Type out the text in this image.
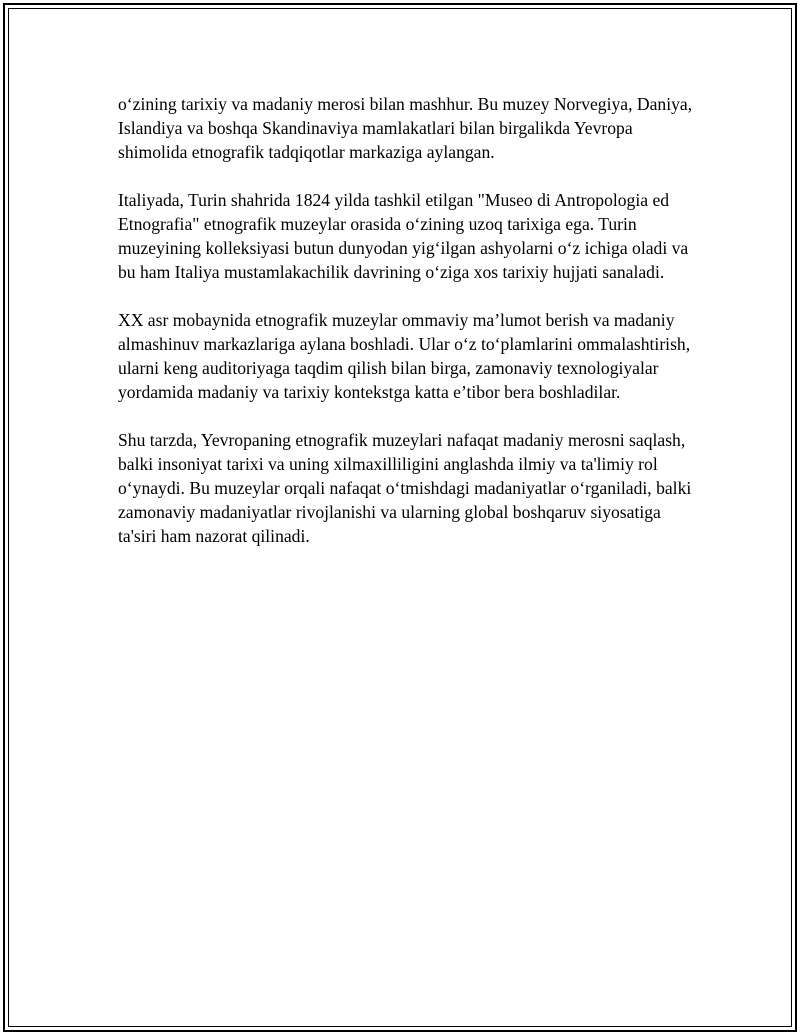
o‘zining tarixiy va madaniy merosi bilan mashhur. Bu muzey Norvegiya, Daniya, Islandiya va boshqa Skandinaviya mamlakatlari bilan birgalikda Yevropa shimolida etnografik tadqiqotlar markaziga aylangan.

Italiyada, Turin shahrida 1824 yilda tashkil etilgan "Museo di Antropologia ed Etnografia" etnografik muzeylar orasida o‘zining uzoq tarixiga ega. Turin muzeyining kolleksiyasi butun dunyodan yig‘ilgan ashyolarni o‘z ichiga oladi va bu ham Italiya mustamlakachilik davrining o‘ziga xos tarixiy hujjati sanaladi.

XX asr mobaynida etnografik muzeylar ommaviy ma’lumot berish va madaniy almashinuv markazlariga aylana boshladi. Ular o‘z to‘plamlarini ommalashtirish, ularni keng auditoriyaga taqdim qilish bilan birga, zamonaviy texnologiyalar yordamida madaniy va tarixiy kontekstga katta e’tibor bera boshladilar.

Shu tarzda, Yevropaning etnografik muzeylari nafaqat madaniy merosni saqlash, balki insoniyat tarixi va uning xilmaxilliligini anglashda ilmiy va ta'limiy rol o‘ynaydi. Bu muzeylar orqali nafaqat o‘tmishdagi madaniyatlar o‘rganiladi, balki zamonaviy madaniyatlar rivojlanishi va ularning global boshqaruv siyosatiga ta'siri ham nazorat qilinadi.
